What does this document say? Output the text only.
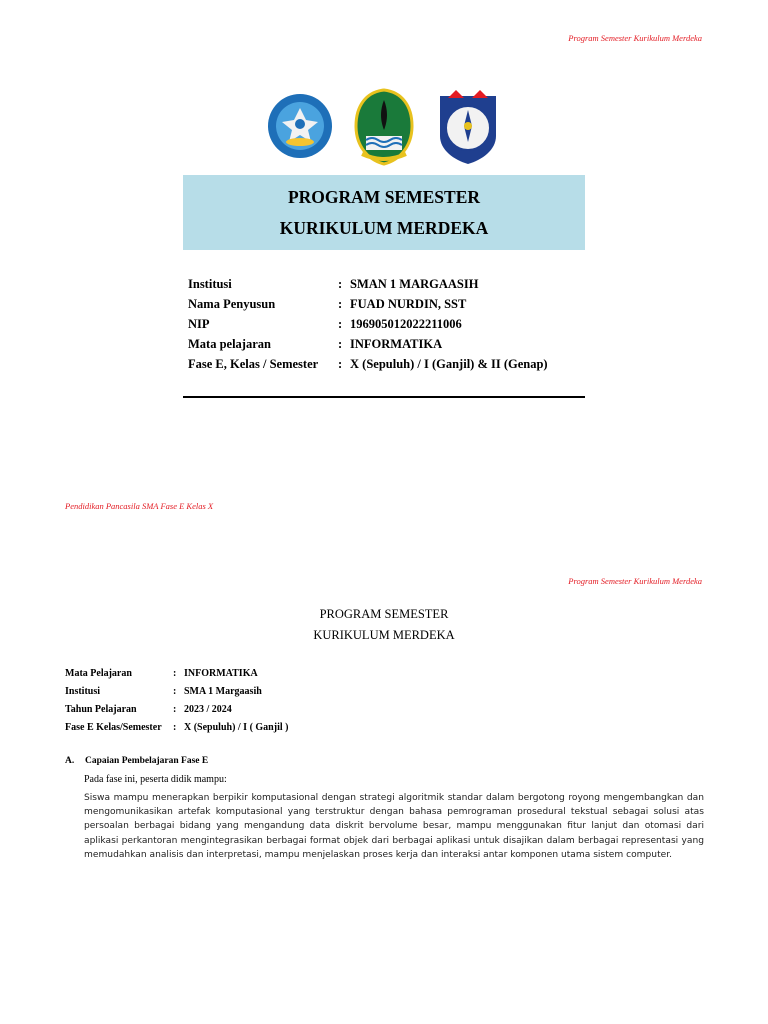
Program Semester Kurikulum Merdeka
PROGRAM SEMESTER
KURIKULUM MERDEKA
Institusi	:	SMAN 1 MARGAASIH
Nama Penyusun	:	FUAD NURDIN, SST
NIP	:	196905012022211006
Mata pelajaran	:	INFORMATIKA
Fase E, Kelas / Semester	:	X (Sepuluh) / I (Ganjil) & II (Genap)
Pendidikan Pancasila SMA Fase E Kelas X
Program Semester Kurikulum Merdeka
PROGRAM SEMESTER
KURIKULUM MERDEKA
Mata Pelajaran	:	INFORMATIKA
Institusi	:	SMA 1 Margaasih
Tahun Pelajaran	:	2023 / 2024
Fase E Kelas/Semester	:	X (Sepuluh) / I ( Ganjil )
A. Capaian Pembelajaran Fase E
Pada fase ini, peserta didik mampu:
Siswa mampu menerapkan berpikir komputasional dengan strategi algoritmik standar dalam bergotong royong mengembangkan dan mengomunikasikan artefak komputasional yang terstruktur dengan bahasa pemrograman prosedural tekstual sebagai solusi atas persoalan berbagai bidang yang mengandung data diskrit bervolume besar, mampu menggunakan fitur lanjut dan otomasi dari aplikasi perkantoran mengintegrasikan berbagai format objek dari berbagai aplikasi untuk disajikan dalam berbagai representasi yang memudahkan analisis dan interpretasi, mampu menjelaskan proses kerja dan interaksi antar komponen utama sistem computer.
